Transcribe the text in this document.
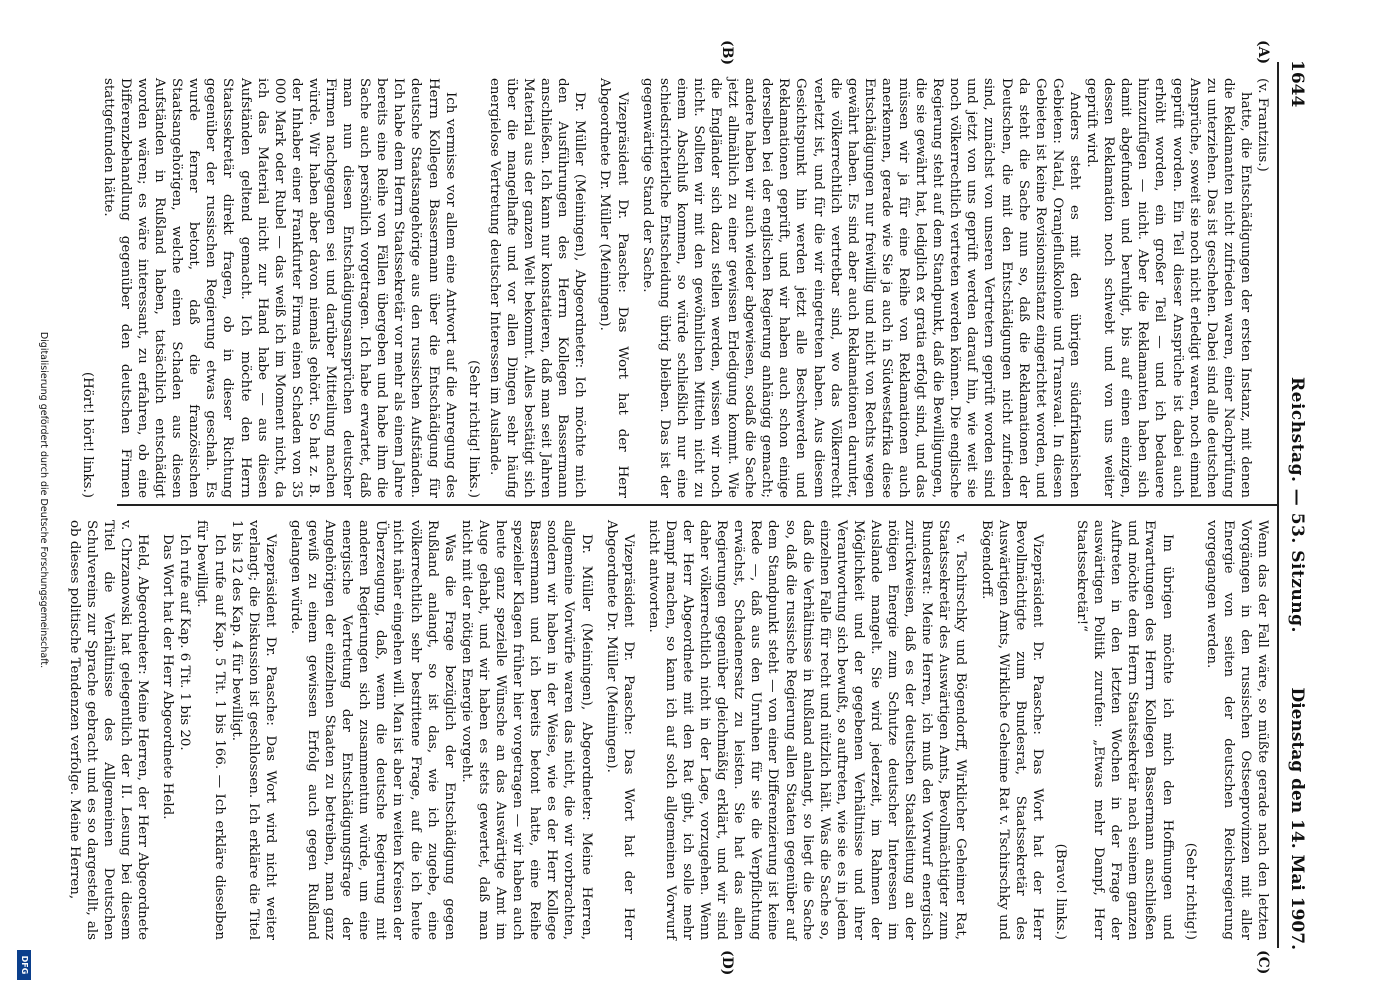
1644
Reichstag. — 53. Sitzung.
Dienstag den 14. Mai 1907.
(A)
(B)
(C)
(D)

(v. Frantzius.)

hatte, die Entschädigungen der ersten Instanz, mit denen die Reklamanten nicht zufrieden waren, einer Nachprüfung zu unterziehen. Das ist geschehen. Dabei sind alle deutschen Ansprüche, soweit sie noch nicht erledigt waren, noch einmal geprüft worden. Ein Teil dieser Ansprüche ist dabei auch erhöht worden, ein großer Teil — und ich bedauere hinzuzufügen — nicht. Aber die Reklamanten haben sich damit abgefunden und beruhigt, bis auf einen einzigen, dessen Reklamation noch schwebt und von uns weiter geprüft wird.

Anders steht es mit den übrigen südafrikanischen Gebieten: Natal, Oranjeflußkolonie und Transvaal. In diesen Gebieten ist keine Revisionsinstanz eingerichtet worden, und da steht die Sache nun so, daß die Reklamationen der Deutschen, die mit den Entschädigungen nicht zufrieden sind, zunächst von unseren Vertretern geprüft worden sind und jetzt von uns geprüft werden darauf hin, wie weit sie noch völkerrechtlich vertreten werden können. Die englische Regierung steht auf dem Standpunkt, daß die Bewilligungen, die sie gewährt hat, lediglich ex gratia erfolgt sind, und das müssen wir ja für eine Reihe von Reklamationen auch anerkennen, gerade wie Sie ja auch in Südwestafrika diese Entschädigungen nur freiwillig und nicht von Rechts wegen gewährt haben. Es sind aber auch Reklamationen darunter, die völkerrechtlich vertretbar sind, wo das Völkerrecht verletzt ist, und für die wir eingetreten haben. Aus diesem Gesichtspunkt hin werden jetzt alle Beschwerden und Reklamationen geprüft, und wir haben auch schon einige derselben bei der englischen Regierung anhängig gemacht; andere haben wir auch wieder abgewiesen, sodaß die Sache jetzt allmählich zu einer gewissen Erledigung kommt. Wie die Engländer sich dazu stellen werden, wissen wir noch nicht. Sollten wir mit den gewöhnlichen Mitteln nicht zu einem Abschluß kommen, so würde schließlich nur eine schiedsrichterliche Entscheidung übrig bleiben. Das ist der gegenwärtige Stand der Sache.

Vizepräsident Dr. Paasche: Das Wort hat der Herr Abgeordnete Dr. Müller (Meiningen).

Dr. Müller (Meiningen), Abgeordneter: Ich möchte mich den Ausführungen des Herrn Kollegen Bassermann anschließen. Ich kann nur konstatieren, daß man seit Jahren Material aus der ganzen Welt bekommt. Alles bestätigt sich über die mangelhafte und vor allen Dingen sehr häufig energielose Vertretung deutscher Interessen im Auslande.

(Sehr richtig! links.)

Ich vermisse vor allem eine Antwort auf die Anregung des Herrn Kollegen Bassermann über die Entschädigung für deutsche Staatsangehörige aus den russischen Aufständen. Ich habe dem Herrn Staatssekretär vor mehr als einem Jahre bereits eine Reihe von Fällen übergeben und habe ihm die Sache auch persönlich vorgetragen. Ich habe erwartet, daß man nun diesen Entschädigungsansprüchen deutscher Firmen nachgegangen sei und darüber Mitteilung machen würde. Wir haben aber davon niemals gehört. So hat z. B. der Inhaber einer Frankfurter Firma einen Schaden von 35 000 Mark oder Rubel — das weiß ich im Moment nicht, da ich das Material nicht zur Hand habe — aus diesen Aufständen geltend gemacht. Ich möchte den Herrn Staatssekretär direkt fragen, ob in dieser Richtung gegenüber der russischen Regierung etwas geschah. Es wurde ferner betont, daß die französischen Staatsangehörigen, welche einen Schaden aus diesen Aufständen in Rußland haben, tatsächlich entschädigt worden wären; es wäre interessant, zu erfahren, ob eine Differenzbehandlung gegenüber den deutschen Firmen stattgefunden hätte.

(Hört! hört! links.)

Wenn das der Fall wäre, so müßte gerade nach den letzten Vorgängen in den russischen Ostseeprovinzen mit aller Energie von seiten der deutschen Reichsregierung vorgegangen werden.

(Sehr richtig!)

Im übrigen möchte ich mich den Hoffnungen und Erwartungen des Herrn Kollegen Bassermann anschließen und möchte dem Herrn Staatssekretär nach seinem ganzen Auftreten in den letzten Wochen in der Frage der auswärtigen Politik zurufen: „Etwas mehr Dampf, Herr Staatssekretär!“

(Bravo! links.)

Vizepräsident Dr. Paasche: Das Wort hat der Herr Bevollmächtigte zum Bundesrat, Staatssekretär des Auswärtigen Amts, Wirkliche Geheime Rat v. Tschirschky und Bögendorff.

v. Tschirschky und Bögendorff, Wirklicher Geheimer Rat, Staatssekretär des Auswärtigen Amts, Bevollmächtigter zum Bundesrat: Meine Herren, ich muß den Vorwurf energisch zurückweisen, daß es der deutschen Staatsleitung an der nötigen Energie zum Schutze deutscher Interessen im Auslande mangelt. Sie wird jederzeit, im Rahmen der Möglichkeit und der gegebenen Verhältnisse und ihrer Verantwortung sich bewußt, so auftreten, wie sie es in jedem einzelnen Falle für recht und nützlich hält. Was die Sache so, daß die Verhältnisse in Rußland anlangt, so liegt die Sache so, daß die russische Regierung allen Staaten gegenüber auf dem Standpunkt steht — von einer Differenzierung ist keine Rede —, daß aus den Unruhen für sie die Verpflichtung erwächst, Schadenersatz zu leisten. Sie hat das allen Regierungen gegenüber gleichmäßig erklärt, und wir sind daher völkerrechtlich nicht in der Lage, vorzugehen. Wenn der Herr Abgeordnete mit den Rat gibt, ich solle mehr Dampf machen, so kann ich auf solch allgemeinen Vorwurf nicht antworten.

Vizepräsident Dr. Paasche: Das Wort hat der Herr Abgeordnete Dr. Müller (Meiningen).

Dr. Müller (Meiningen), Abgeordneter: Meine Herren, allgemeine Vorwürfe waren das nicht, die wir vorbrachten, sondern wir haben in der Weise, wie es der Herr Kollege Bassermann und ich bereits betont hatte, eine Reihe spezieller Klagen früher hier vorgetragen — wir haben auch heute ganz spezielle Wünsche an das Auswärtige Amt im Auge gehabt, und wir haben es stets gewertet, daß man nicht mit der nötigen Energie vorgeht.

Was die Frage bezüglich der Entschädigung gegen Rußland anlangt, so ist das, wie ich zugebe, eine völkerrechtlich sehr bestrittene Frage, auf die ich heute nicht näher eingehen will. Man ist aber in weiten Kreisen der Überzeugung, daß, wenn die deutsche Regierung mit anderen Regierungen sich zusammentun würde, um eine energische Vertretung der Entschädigungsfrage der Angehörigen der einzelnen Staaten zu betreiben, man ganz gewiß zu einem gewissen Erfolg auch gegen Rußland gelangen würde.

Vizepräsident Dr. Paasche: Das Wort wird nicht weiter verlangt; die Diskussion ist geschlossen. Ich erkläre die Titel 1 bis 12 des Kap. 4 für bewilligt.

Ich rufe auf Kap. 5 Tit. 1 bis 166. — Ich erkläre dieselben für bewilligt.

Ich rufe auf Kap. 6 Tit. 1 bis 20.

Das Wort hat der Herr Abgeordnete Held.

Held, Abgeordneter: Meine Herren, der Herr Abgeordnete v. Chrzanowski hat gelegentlich der II. Lesung bei diesem Titel die Verhältnisse des Allgemeinen Deutschen Schulvereins zur Sprache gebracht und es so dargestellt, als ob dieses politische Tendenzen verfolge. Meine Herren,

Digitalisierung gefördert durch die Deutsche Forschungsgemeinschaft.
DFG
